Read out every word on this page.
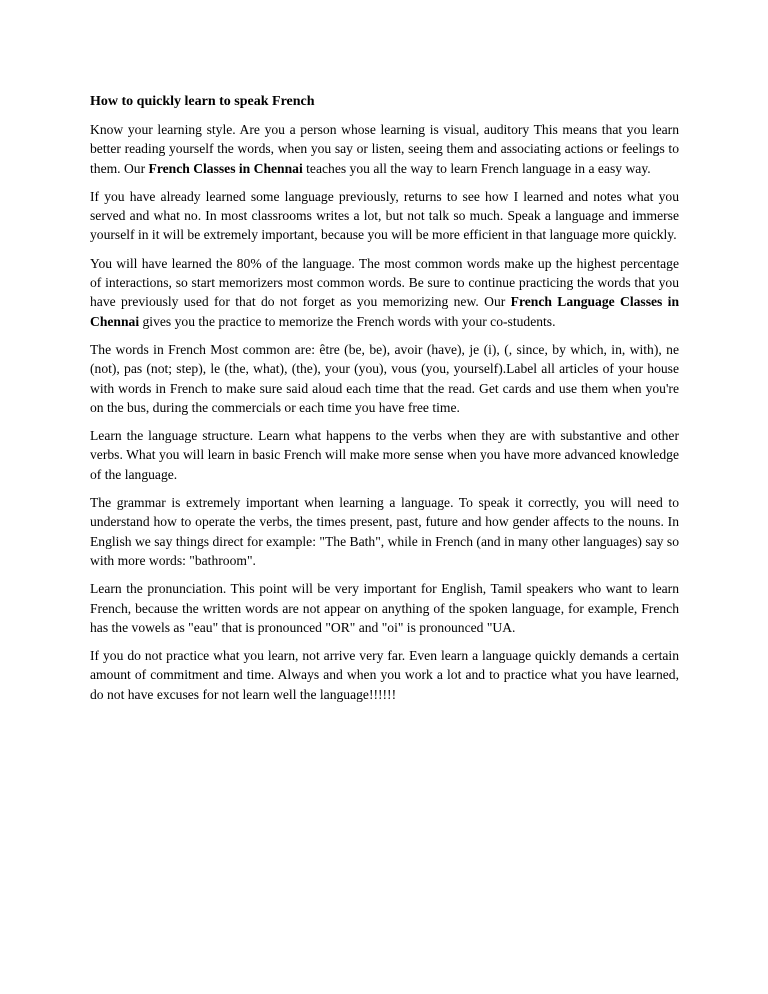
How to quickly learn to speak French

Know your learning style. Are you a person whose learning is visual, auditory This means that you learn better reading yourself the words, when you say or listen, seeing them and associating actions or feelings to them. Our French Classes in Chennai teaches you all the way to learn French language in a easy way.

If you have already learned some language previously, returns to see how I learned and notes what you served and what no. In most classrooms writes a lot, but not talk so much. Speak a language and immerse yourself in it will be extremely important, because you will be more efficient in that language more quickly.

You will have learned the 80% of the language. The most common words make up the highest percentage of interactions, so start memorizers most common words. Be sure to continue practicing the words that you have previously used for that do not forget as you memorizing new. Our French Language Classes in Chennai gives you the practice to memorize the French words with your co-students.

The words in French Most common are: être (be, be), avoir (have), je (i), (, since, by which, in, with), ne (not), pas (not; step), le (the, what), (the), your (you), vous (you, yourself).Label all articles of your house with words in French to make sure said aloud each time that the read. Get cards and use them when you're on the bus, during the commercials or each time you have free time.

Learn the language structure. Learn what happens to the verbs when they are with substantive and other verbs. What you will learn in basic French will make more sense when you have more advanced knowledge of the language.

The grammar is extremely important when learning a language. To speak it correctly, you will need to understand how to operate the verbs, the times present, past, future and how gender affects to the nouns. In English we say things direct for example: "The Bath", while in French (and in many other languages) say so with more words: "bathroom".

Learn the pronunciation. This point will be very important for English, Tamil speakers who want to learn French, because the written words are not appear on anything of the spoken language, for example, French has the vowels as "eau" that is pronounced "OR" and "oi" is pronounced "UA.

If you do not practice what you learn, not arrive very far. Even learn a language quickly demands a certain amount of commitment and time. Always and when you work a lot and to practice what you have learned, do not have excuses for not learn well the language!!!!!!
